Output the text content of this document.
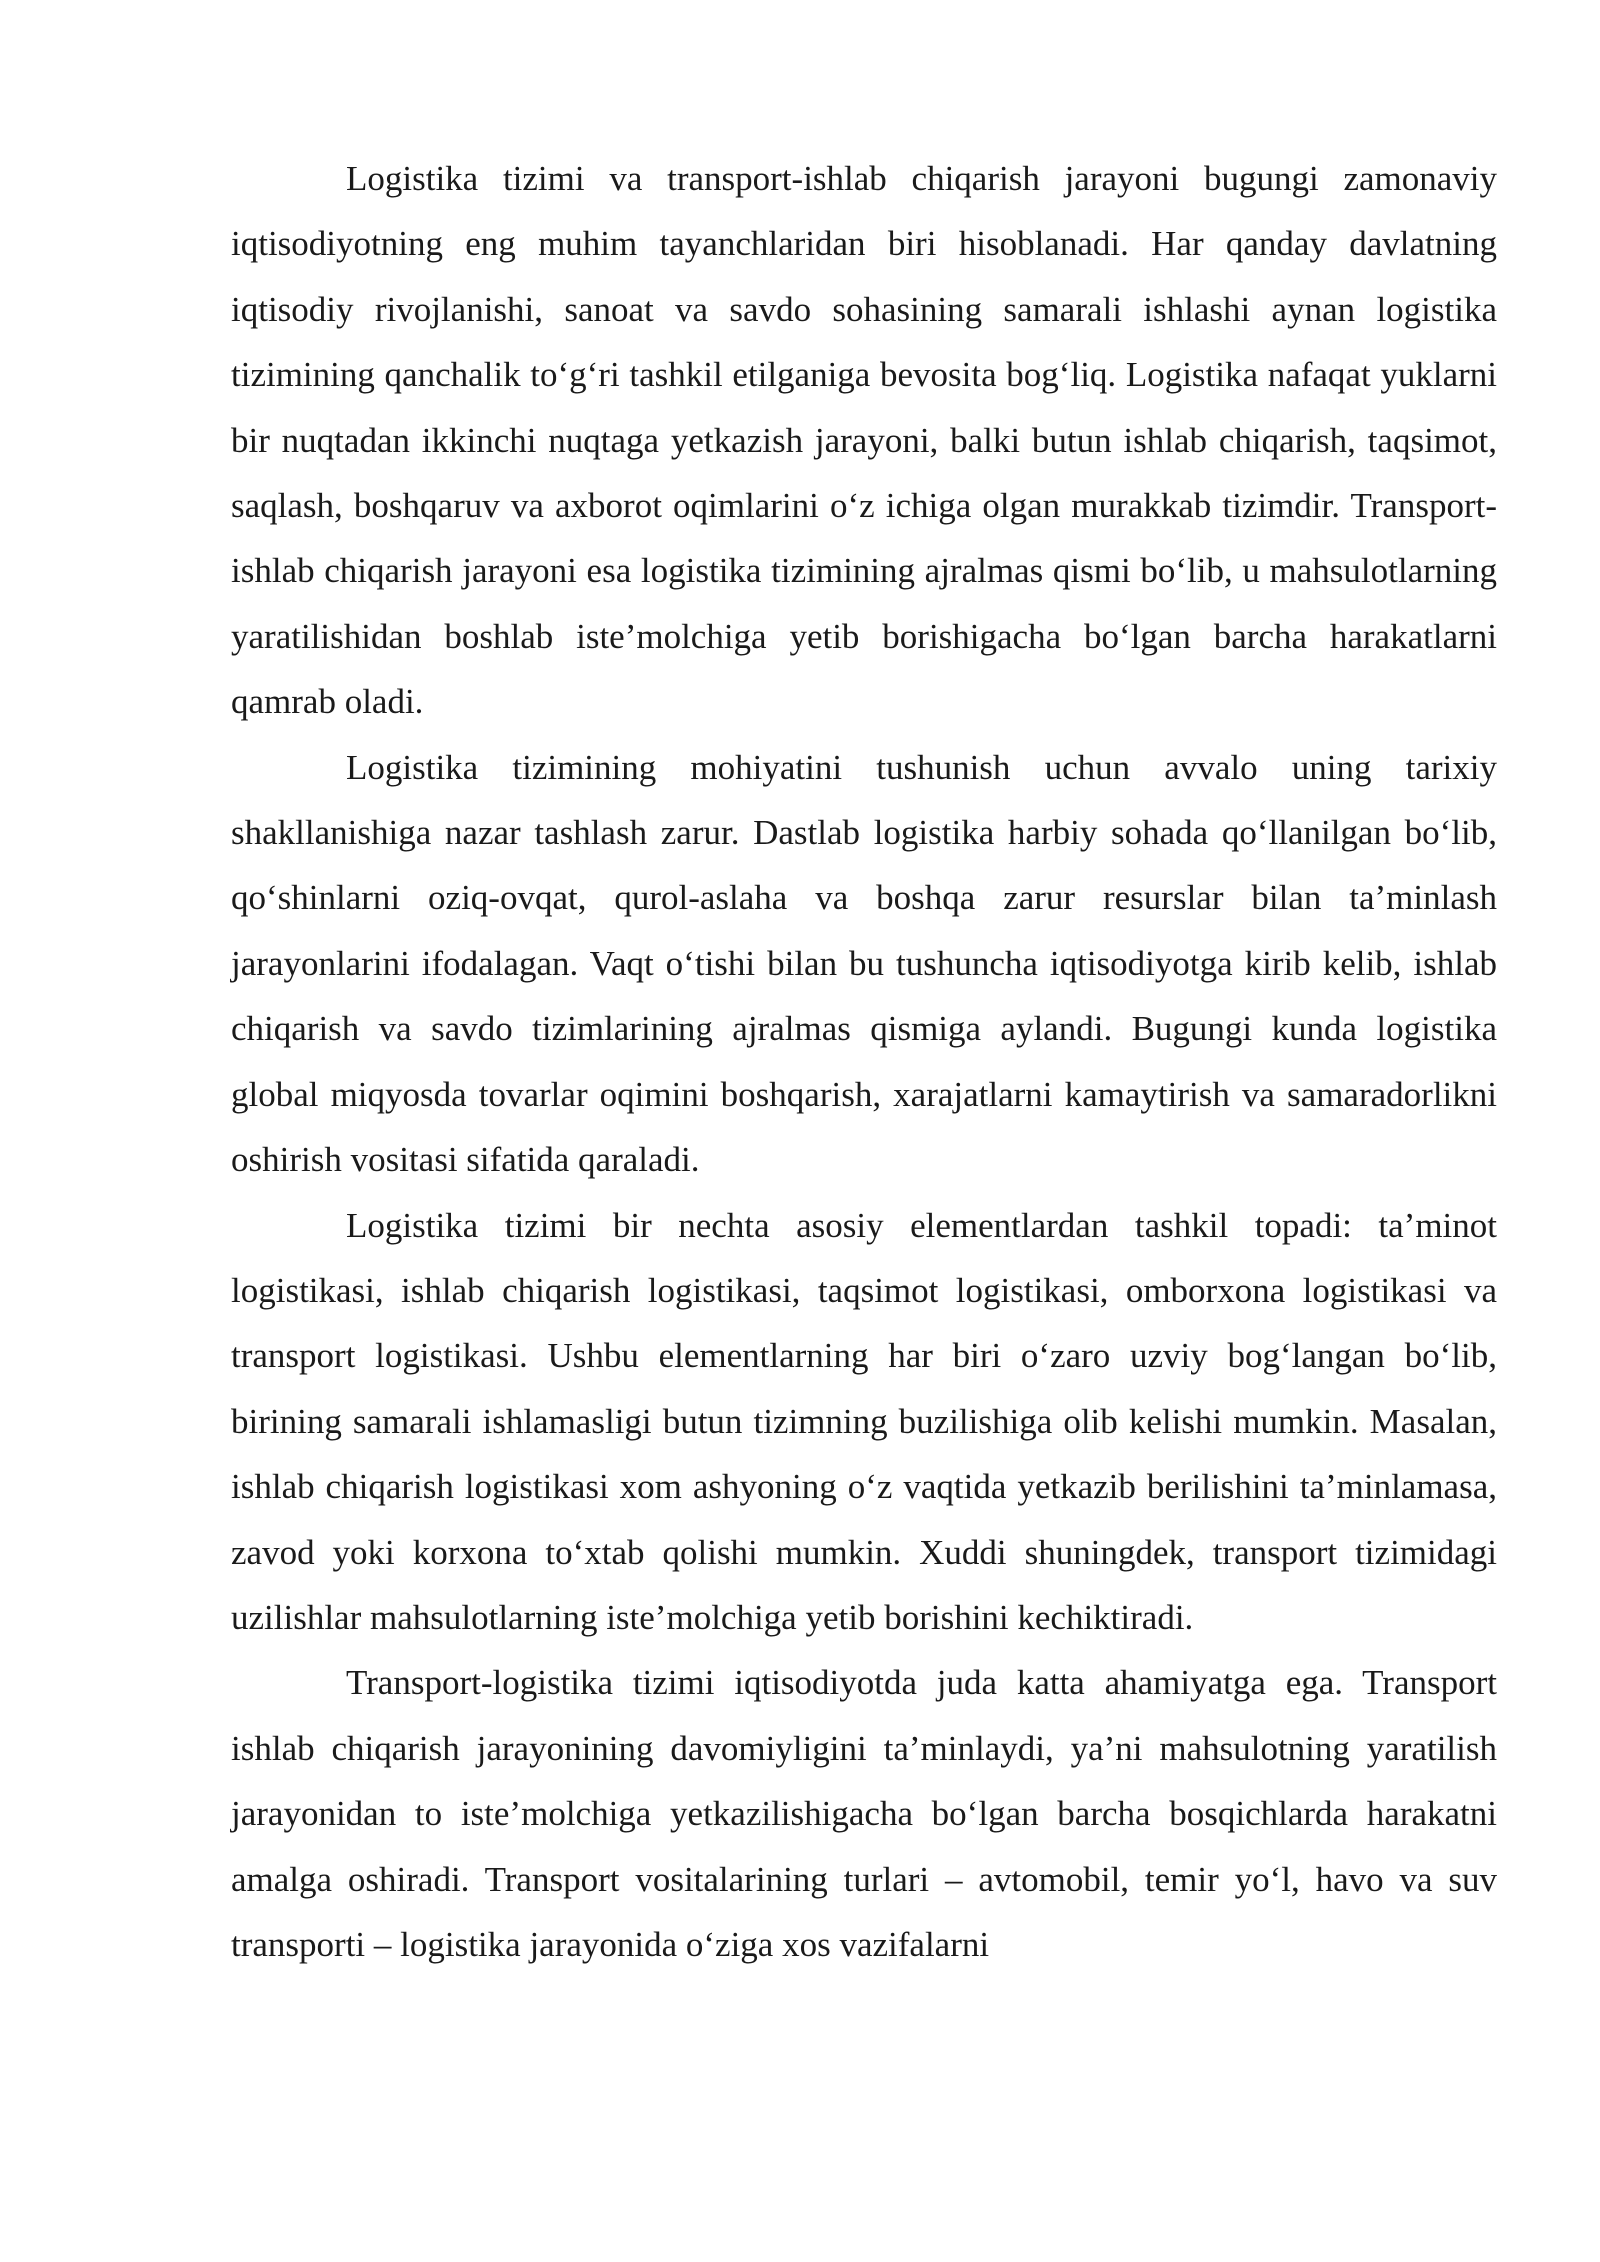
Logistika tizimi va transport-ishlab chiqarish jarayoni bugungi zamonaviy iqtisodiyotning eng muhim tayanchlaridan biri hisoblanadi. Har qanday davlatning iqtisodiy rivojlanishi, sanoat va savdo sohasining samarali ishlashi aynan logistika tizimining qanchalik to‘g‘ri tashkil etilganiga bevosita bog‘liq. Logistika nafaqat yuklarni bir nuqtadan ikkinchi nuqtaga yetkazish jarayoni, balki butun ishlab chiqarish, taqsimot, saqlash, boshqaruv va axborot oqimlarini o‘z ichiga olgan murakkab tizimdir. Transport-ishlab chiqarish jarayoni esa logistika tizimining ajralmas qismi bo‘lib, u mahsulotlarning yaratilishidan boshlab iste’molchiga yetib borishigacha bo‘lgan barcha harakatlarni qamrab oladi.

Logistika tizimining mohiyatini tushunish uchun avvalo uning tarixiy shakllanishiga nazar tashlash zarur. Dastlab logistika harbiy sohada qo‘llanilgan bo‘lib, qo‘shinlarni oziq-ovqat, qurol-aslaha va boshqa zarur resurslar bilan ta’minlash jarayonlarini ifodalagan. Vaqt o‘tishi bilan bu tushuncha iqtisodiyotga kirib kelib, ishlab chiqarish va savdo tizimlarining ajralmas qismiga aylandi. Bugungi kunda logistika global miqyosda tovarlar oqimini boshqarish, xarajatlarni kamaytirish va samaradorlikni oshirish vositasi sifatida qaraladi.

Logistika tizimi bir nechta asosiy elementlardan tashkil topadi: ta’minot logistikasi, ishlab chiqarish logistikasi, taqsimot logistikasi, omborxona logistikasi va transport logistikasi. Ushbu elementlarning har biri o‘zaro uzviy bog‘langan bo‘lib, birining samarali ishlamasligi butun tizimning buzilishiga olib kelishi mumkin. Masalan, ishlab chiqarish logistikasi xom ashyoning o‘z vaqtida yetkazib berilishini ta’minlamasa, zavod yoki korxona to‘xtab qolishi mumkin. Xuddi shuningdek, transport tizimidagi uzilishlar mahsulotlarning iste’molchiga yetib borishini kechiktiradi.

Transport-logistika tizimi iqtisodiyotda juda katta ahamiyatga ega. Transport ishlab chiqarish jarayonining davomiyligini ta’minlaydi, ya’ni mahsulotning yaratilish jarayonidan to iste’molchiga yetkazilishigacha bo‘lgan barcha bosqichlarda harakatni amalga oshiradi. Transport vositalarining turlari – avtomobil, temir yo‘l, havo va suv transporti – logistika jarayonida o‘ziga xos vazifalarni
